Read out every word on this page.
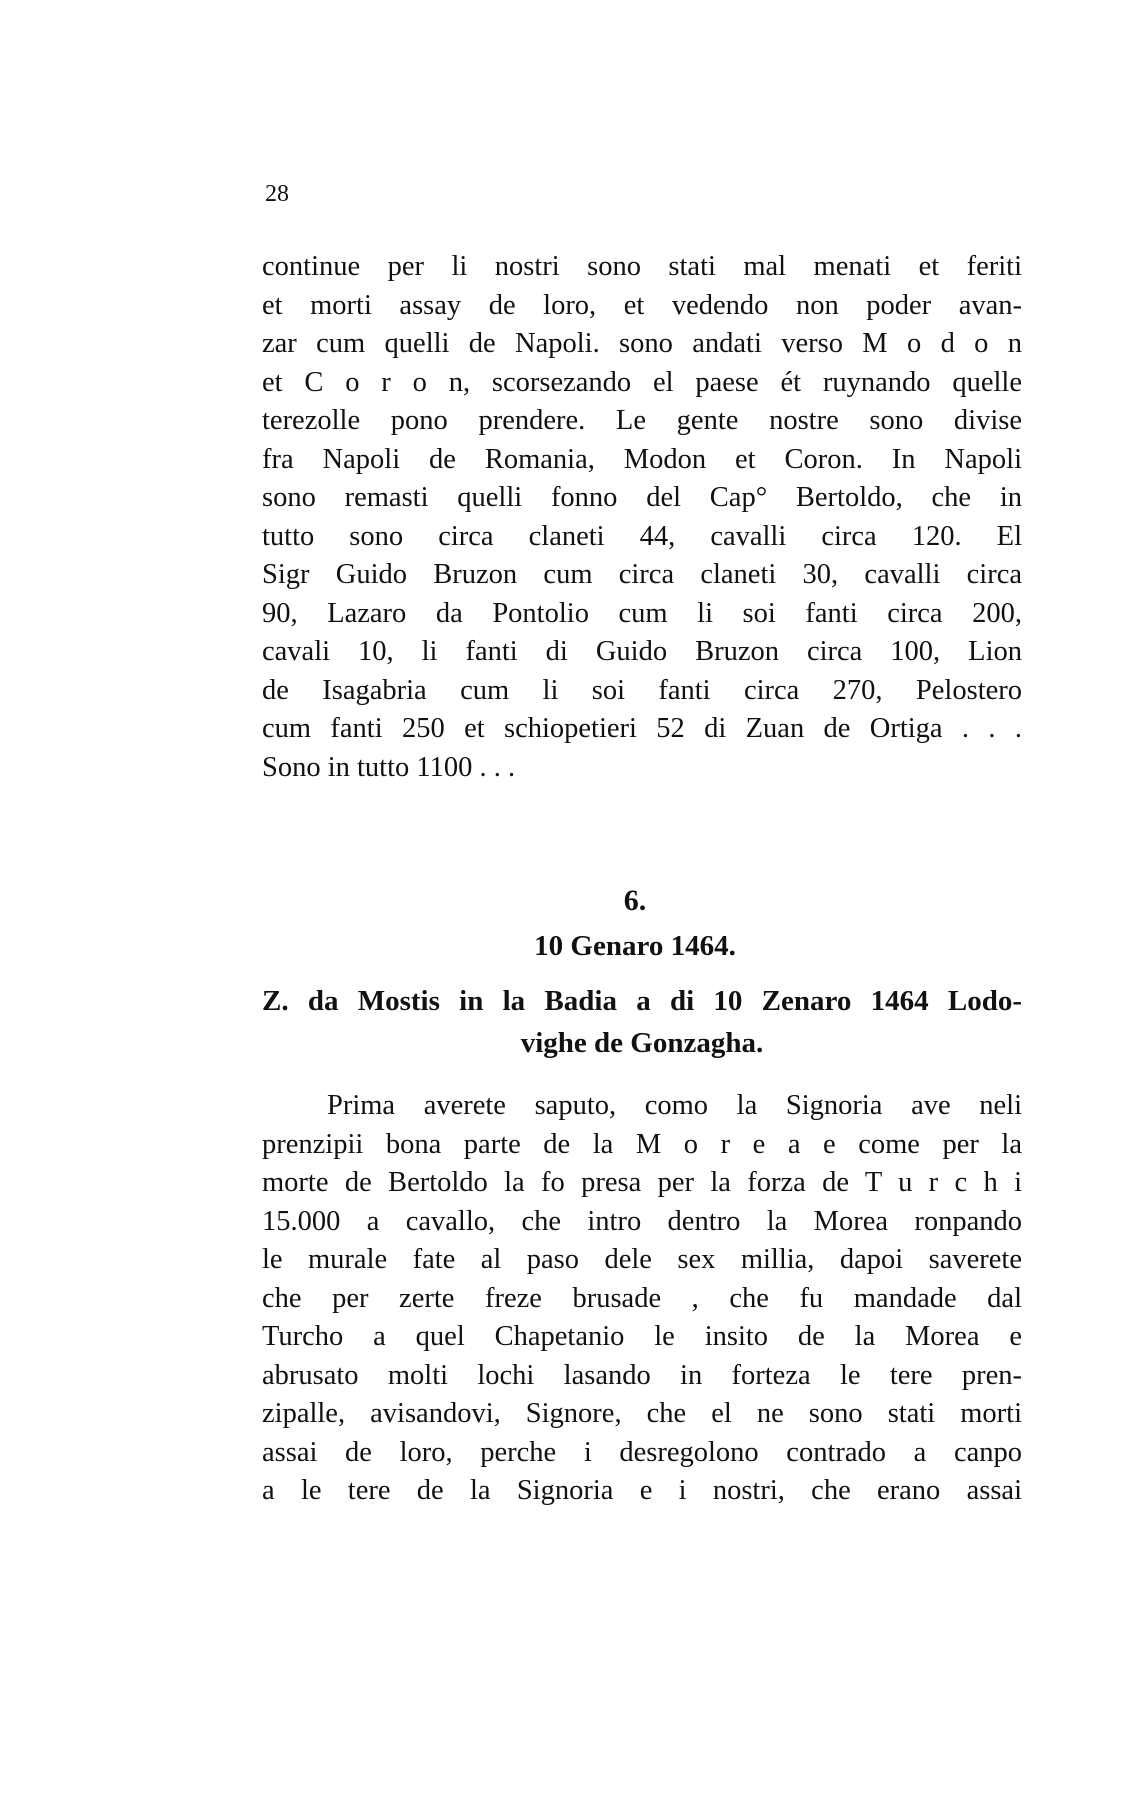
28
continue per li nostri sono stati mal menati et feriti
et morti assay de loro, et vedendo non poder avan-
zar cum quelli de Napoli. sono andati verso M o d o n
et C o r o n, scorsezando el paese ét ruynando quelle
terezolle pono prendere. Le gente nostre sono divise
fra Napoli de Romania, Modon et Coron. In Napoli
sono remasti quelli fonno del Cap° Bertoldo, che in
tutto sono circa claneti 44, cavalli circa 120. El
Sigr Guido Bruzon cum circa claneti 30, cavalli circa
90, Lazaro da Pontolio cum li soi fanti circa 200,
cavali 10, li fanti di Guido Bruzon circa 100, Lion
de Isagabria cum li soi fanti circa 270, Pelostero
cum fanti 250 et schiopetieri 52 di Zuan de Ortiga . . .
Sono in tutto 1100 . . .
6.
10 Genaro 1464.
Z. da Mostis in la Badia a di 10 Zenaro 1464 Lodo-
vighe de Gonzagha.
Prima averete saputo, como la Signoria ave neli
prenzipii bona parte de la M o r e a e come per la
morte de Bertoldo la fo presa per la forza de T u r c h i
15.000 a cavallo, che intro dentro la Morea ronpando
le murale fate al paso dele sex millia, dapoi saverete
che per zerte freze brusade , che fu mandade dal
Turcho a quel Chapetanio le insito de la Morea e
abrusato molti lochi lasando in forteza le tere pren-
zipalle, avisandovi, Signore, che el ne sono stati morti
assai de loro, perche i desregolono contrado a canpo
a le tere de la Signoria e i nostri, che erano assai
